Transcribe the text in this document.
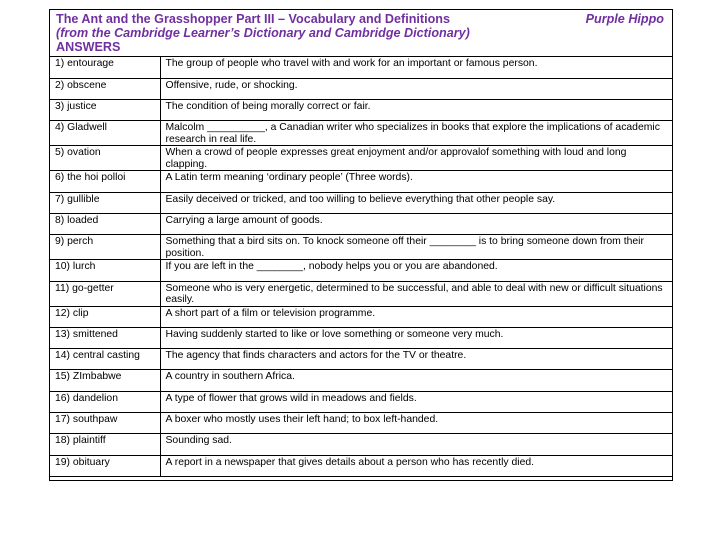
The Ant and the Grasshopper Part III – Vocabulary and Definitions	Purple Hippo
(from the Cambridge Learner’s Dictionary and Cambridge Dictionary)
ANSWERS
1) entourage	The group of people who travel with and work for an important or famous person.
2) obscene	Offensive, rude, or shocking.
3) justice	The condition of being morally correct or fair.
4) Gladwell	Malcolm __________, a Canadian writer who specializes in books that explore the implications of academic research in real life.
5) ovation	When a crowd of people expresses great enjoyment and/or approvalof something with loud and long clapping.
6) the hoi polloi	A Latin term meaning ‘ordinary people’ (Three words).
7) gullible	Easily deceived or tricked, and too willing to believe everything that other people say.
8) loaded	Carrying a large amount of goods.
9) perch	Something that a bird sits on. To knock someone off their ________ is to bring someone down from their position.
10) lurch	If you are left in the ________, nobody helps you or you are abandoned.
11) go-getter	Someone who is very energetic, determined to be successful, and able to deal with new or difficult situations easily.
12) clip	A short part of a film or television programme.
13) smittened	Having suddenly started to like or love something or someone very much.
14) central casting	The agency that finds characters and actors for the TV or theatre.
15) ZImbabwe	A country in southern Africa.
16) dandelion	A type of flower that grows wild in meadows and fields.
17) southpaw	A boxer who mostly uses their left hand; to box left-handed.
18) plaintiff	Sounding sad.
19) obituary	A report in a newspaper that gives details about a person who has recently died.
